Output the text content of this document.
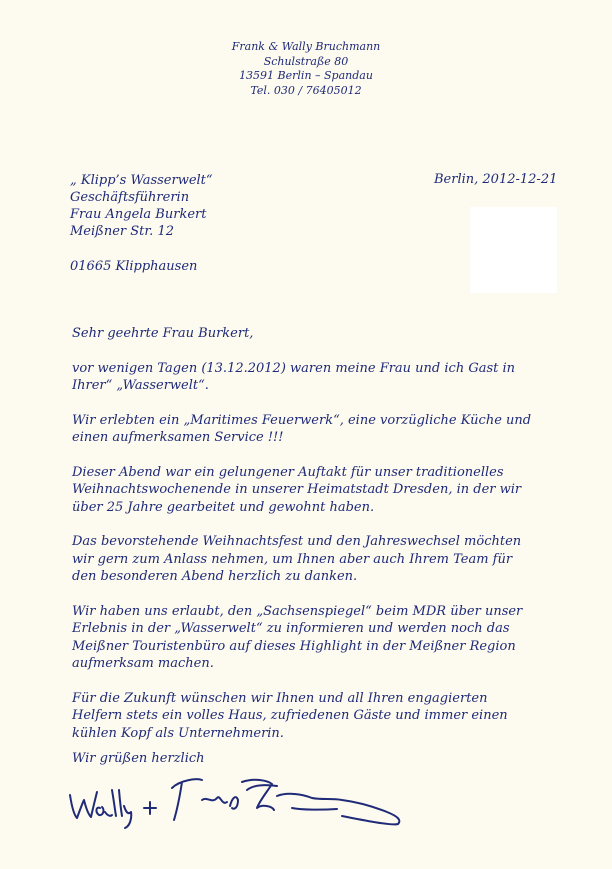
Frank & Wally Bruchmann
Schulstraße 80
13591 Berlin – Spandau
Tel. 030 / 76405012
„ Klipp’s Wasserwelt“
Geschäftsführerin
Frau Angela Burkert
Meißner Str. 12
01665 Klipphausen
Berlin, 2012-12-21

Sehr geehrte Frau Burkert,

vor wenigen Tagen (13.12.2012) waren meine Frau und ich Gast in
Ihrer“ „Wasserwelt“.

Wir erlebten ein „Maritimes Feuerwerk“, eine vorzügliche Küche und
einen aufmerksamen Service !!!

Dieser Abend war ein gelungener Auftakt für unser traditionelles
Weihnachtswochenende in unserer Heimatstadt Dresden, in der wir
über 25 Jahre gearbeitet und gewohnt haben.

Das bevorstehende Weihnachtsfest und den Jahreswechsel möchten
wir gern zum Anlass nehmen, um Ihnen aber auch Ihrem Team für
den besonderen Abend herzlich zu danken.

Wir haben uns erlaubt, den „Sachsenspiegel“ beim MDR über unser
Erlebnis in der „Wasserwelt“ zu informieren und werden noch das
Meißner Touristenbüro auf dieses Highlight in der Meißner Region
aufmerksam machen.

Für die Zukunft wünschen wir Ihnen und all Ihren engagierten
Helfern stets ein volles Haus, zufriedenen Gäste und immer einen
kühlen Kopf als Unternehmerin.

Wir grüßen herzlich
